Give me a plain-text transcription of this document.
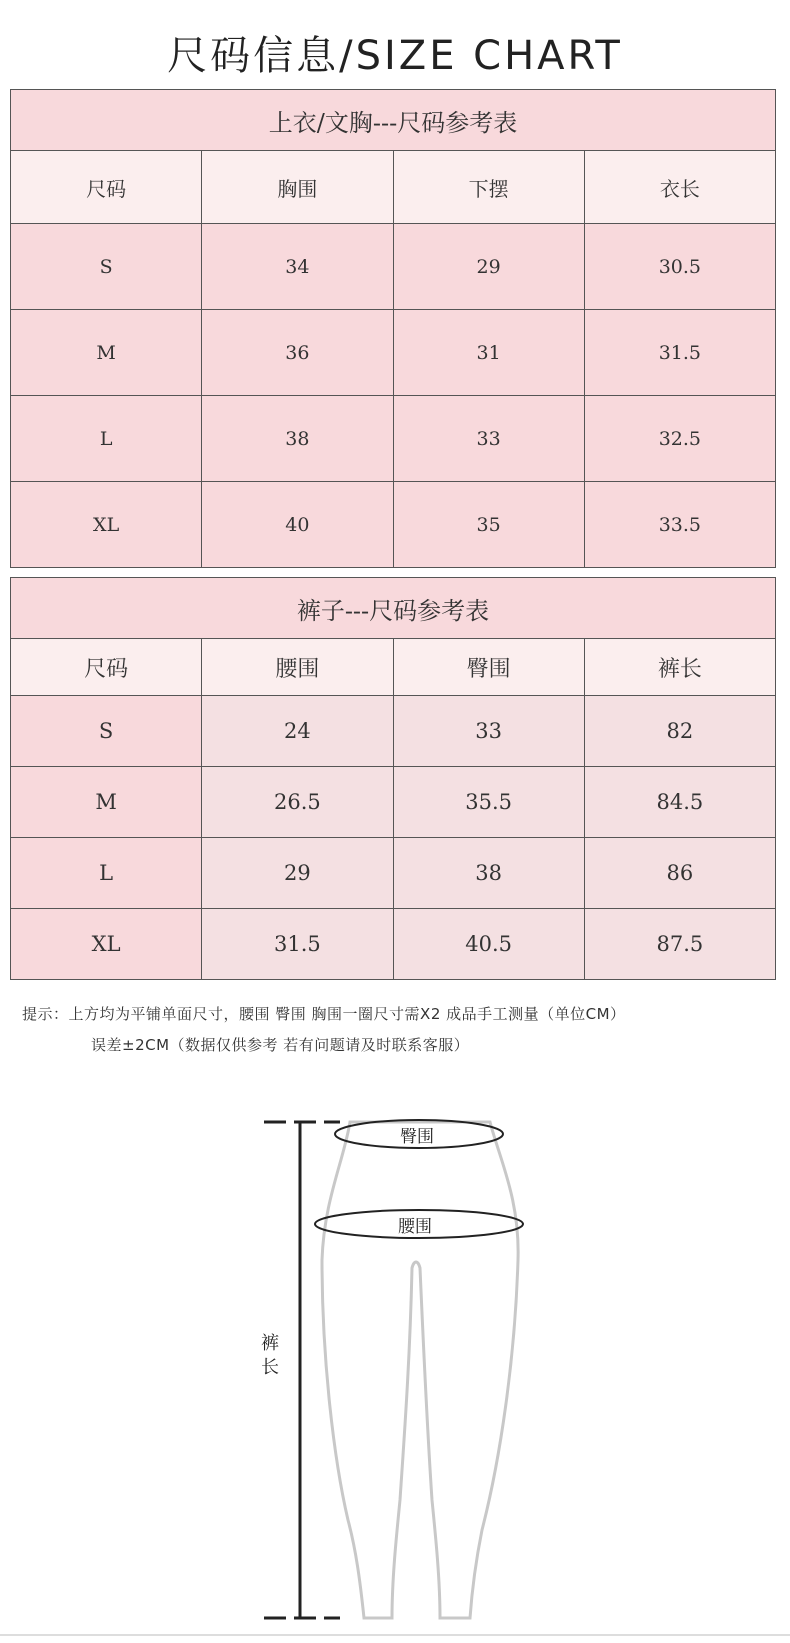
尺码信息/SIZE CHART
上衣/文胸---尺码参考表			
尺码	胸围	下摆	衣长
S	34	29	30.5
M	36	31	31.5
L	38	33	32.5
XL	40	35	33.5
裤子---尺码参考表			
尺码	腰围	臀围	裤长
S	24	33	82
M	26.5	35.5	84.5
L	29	38	86
XL	31.5	40.5	87.5
提示：上方均为平铺单面尺寸，腰围 臀围 胸围一圈尺寸需X2 成品手工测量（单位CM）
误差±2CM（数据仅供参考 若有问题请及时联系客服）
臀围
腰围
裤长
